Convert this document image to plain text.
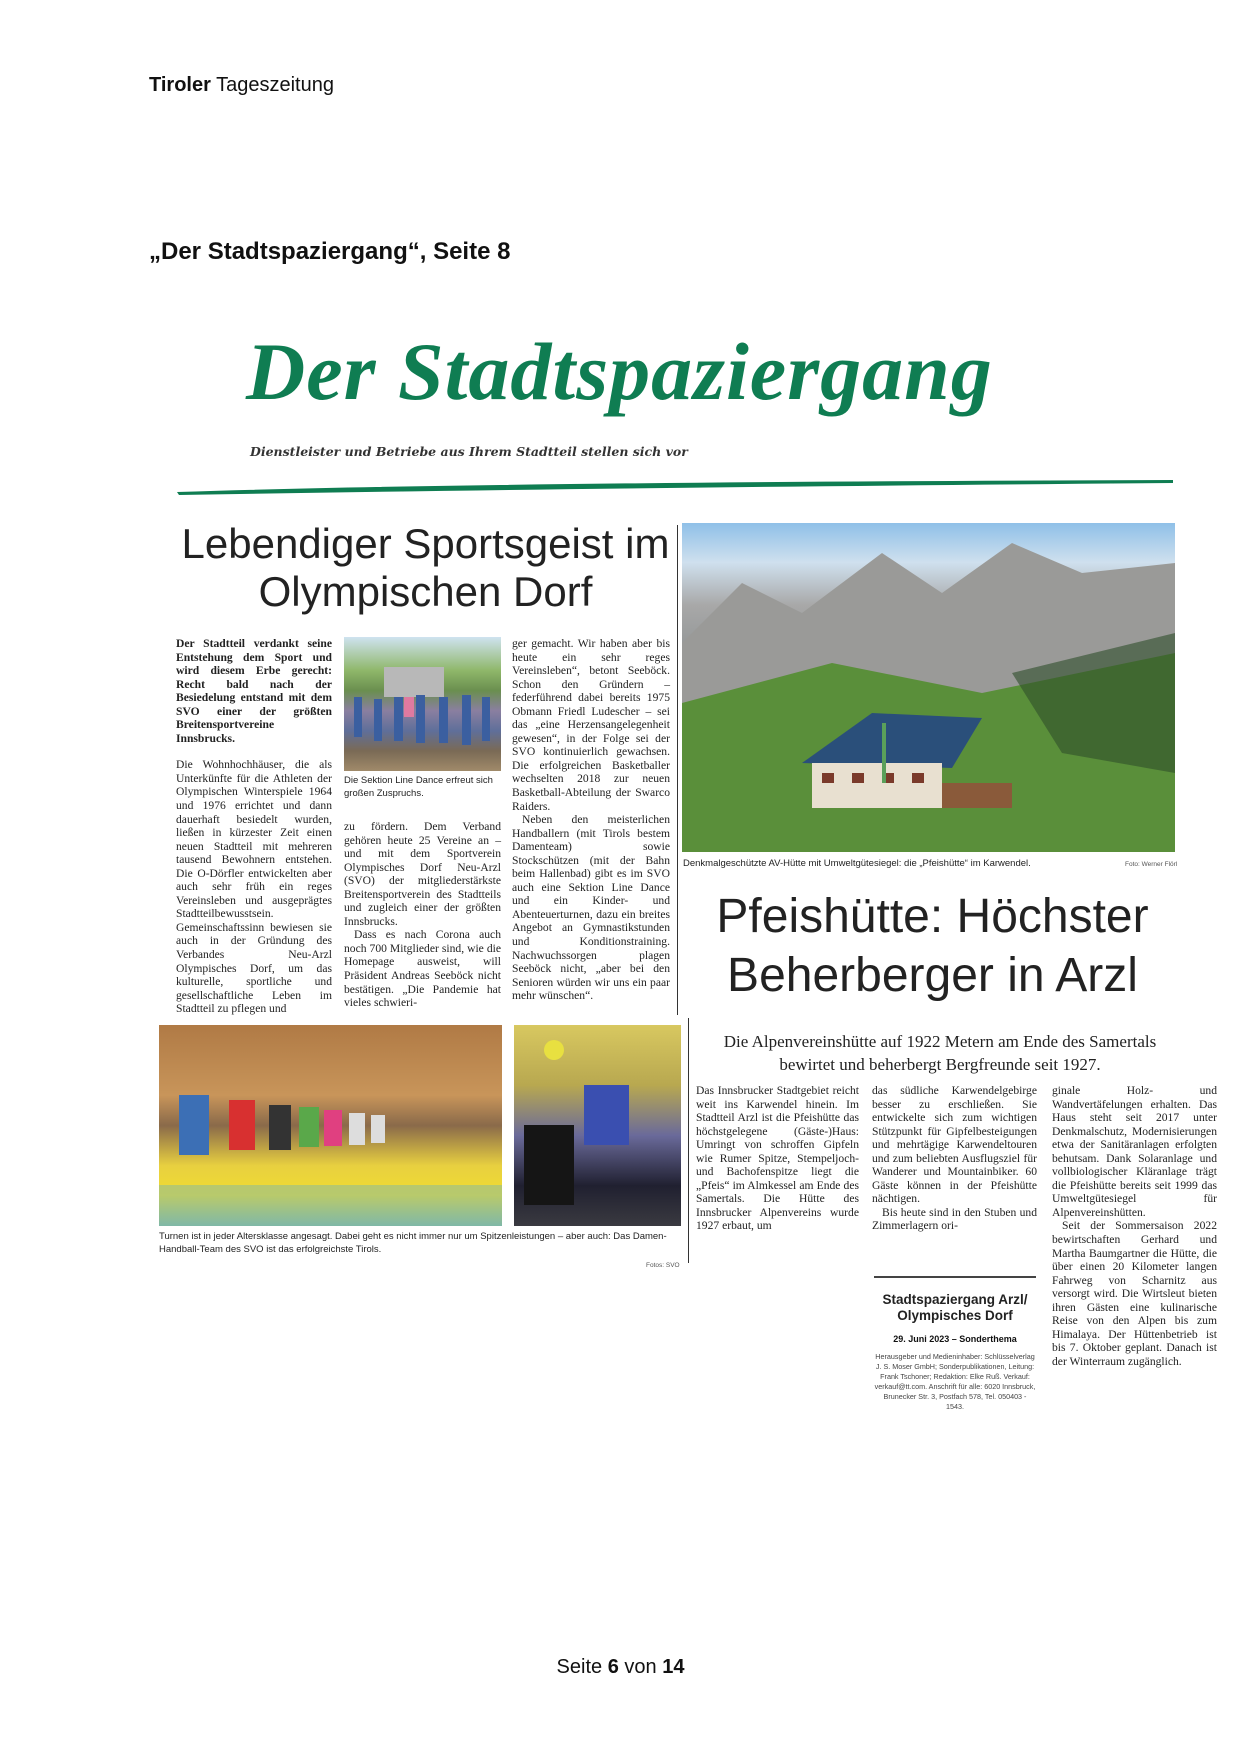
Tiroler Tageszeitung
„Der Stadtspaziergang“, Seite 8
Der Stadtspaziergang
Dienstleister und Betriebe aus Ihrem Stadtteil stellen sich vor
Lebendiger Sportsgeist im Olympischen Dorf

Der Stadtteil verdankt seine Entstehung dem Sport und wird diesem Erbe gerecht: Recht bald nach der Besiedelung entstand mit dem SVO einer der größten Breitensportvereine Innsbrucks.

Die Wohnhochhäuser, die als Unterkünfte für die Athleten der Olympischen Winterspiele 1964 und 1976 errichtet und dann dauerhaft besiedelt wurden, ließen in kürzester Zeit einen neuen Stadtteil mit mehreren tausend Bewohnern entstehen. Die O-Dörfler entwickelten aber auch sehr früh ein reges Vereinsleben und ausgeprägtes Stadtteilbewusstsein. Gemeinschaftssinn bewiesen sie auch in der Gründung des Verbandes Neu-Arzl Olympisches Dorf, um das kulturelle, sportliche und gesellschaftliche Leben im Stadtteil zu pflegen und

Die Sektion Line Dance erfreut sich großen Zuspruchs.

zu fördern. Dem Verband gehören heute 25 Vereine an – und mit dem Sportverein Olympisches Dorf Neu-Arzl (SVO) der mitgliederstärkste Breitensportverein des Stadtteils und zugleich einer der größten Innsbrucks.

Dass es nach Corona auch noch 700 Mitglieder sind, wie die Homepage ausweist, will Präsident Andreas Seeböck nicht bestätigen. „Die Pandemie hat vieles schwieri-

ger gemacht. Wir haben aber bis heute ein sehr reges Vereinsleben“, betont Seeböck. Schon den Gründern – federführend dabei bereits 1975 Obmann Friedl Ludescher – sei das „eine Herzensangelegenheit gewesen“, in der Folge sei der SVO kontinuierlich gewachsen. Die erfolgreichen Basketballer wechselten 2018 zur neuen Basketball-Abteilung der Swarco Raiders.

Neben den meisterlichen Handballern (mit Tirols bestem Damenteam) sowie Stockschützen (mit der Bahn beim Hallenbad) gibt es im SVO auch eine Sektion Line Dance und ein Kinder- und Abenteuerturnen, dazu ein breites Angebot an Gymnastikstunden und Konditionstraining. Nachwuchssorgen plagen Seeböck nicht, „aber bei den Senioren würden wir uns ein paar mehr wünschen“.

Turnen ist in jeder Altersklasse angesagt. Dabei geht es nicht immer nur um Spitzenleistungen – aber auch: Das Damen-Handball-Team des SVO ist das erfolgreichste Tirols.
Fotos: SVO
Denkmalgeschützte AV-Hütte mit Umweltgütesiegel: die „Pfeishütte“ im Karwendel.	Foto: Werner Flörl
Pfeishütte: Höchster Beherberger in Arzl
Die Alpenvereinshütte auf 1922 Metern am Ende des Samertals bewirtet und beherbergt Bergfreunde seit 1927.

Das Innsbrucker Stadtgebiet reicht weit ins Karwendel hinein. Im Stadtteil Arzl ist die Pfeishütte das höchstgelegene (Gäste-)Haus: Umringt von schroffen Gipfeln wie Rumer Spitze, Stempeljoch- und Bachofenspitze liegt die „Pfeis“ im Almkessel am Ende des Samertals. Die Hütte des Innsbrucker Alpenvereins wurde 1927 erbaut, um

das südliche Karwendelgebirge besser zu erschließen. Sie entwickelte sich zum wichtigen Stützpunkt für Gipfelbesteigungen und mehrtägige Karwendeltouren und zum beliebten Ausflugsziel für Wanderer und Mountainbiker. 60 Gäste können in der Pfeishütte nächtigen.

Bis heute sind in den Stuben und Zimmerlagern ori-

ginale Holz- und Wandvertäfelungen erhalten. Das Haus steht seit 2017 unter Denkmalschutz, Modernisierungen etwa der Sanitäranlagen erfolgten behutsam. Dank Solaranlage und vollbiologischer Kläranlage trägt die Pfeishütte bereits seit 1999 das Umweltgütesiegel für Alpenvereinshütten.

Seit der Sommersaison 2022 bewirtschaften Gerhard und Martha Baumgartner die Hütte, die über einen 20 Kilometer langen Fahrweg von Scharnitz aus versorgt wird. Die Wirtsleut bieten ihren Gästen eine kulinarische Reise von den Alpen bis zum Himalaya. Der Hüttenbetrieb ist bis 7. Oktober geplant. Danach ist der Winterraum zugänglich.

Stadtspaziergang Arzl/ Olympisches Dorf
29. Juni 2023 – Sonderthema
Herausgeber und Medieninhaber: Schlüsselverlag J. S. Moser GmbH; Sonderpublikationen, Leitung: Frank Tschoner; Redaktion: Elke Ruß. Verkauf: verkauf@tt.com. Anschrift für alle: 6020 Innsbruck, Brunecker Str. 3, Postfach 578, Tel. 050403 - 1543.
Seite 6 von 14
